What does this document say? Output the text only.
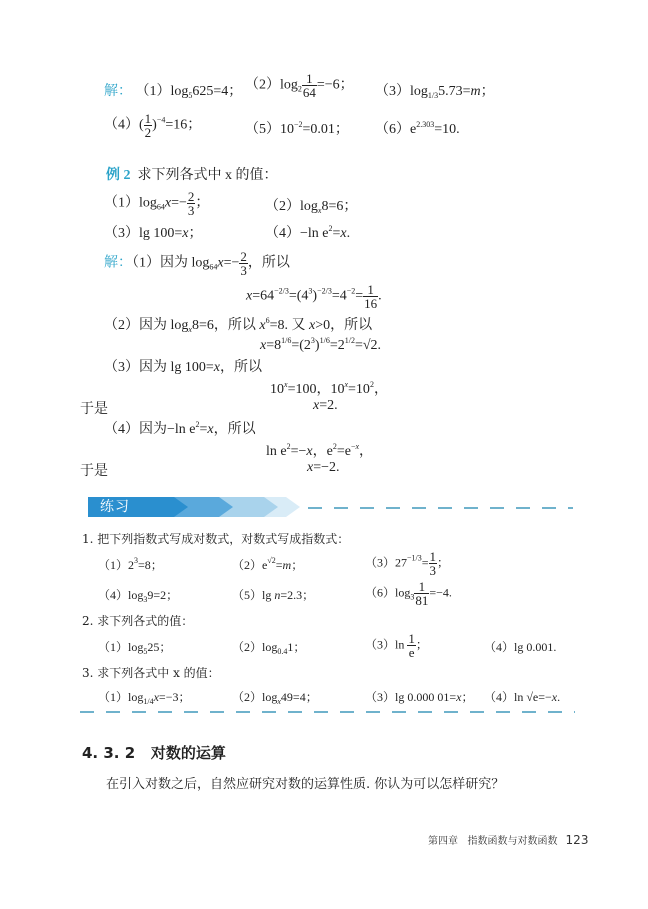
解： $(1)\log_5625=4$； $(2)\log_2 \frac{1}{64} =-6$； $(3)\log_{1/3}5.73=m$；
$(4)( \frac{1}{2} )^{-4}=16$；	$(5)10^{-2}=0.01$； $(6)e^{2.303}=10$.
例 2 求下列各式中 x 的值：
$(1)\log_{64}x=- \frac{2}{3}$ ；	$(2)\log_x8=6$；
（3）lg 100=x；	（4）−ln $e^2=x$.
解：（1）因为 $\log_{64}x=- \frac{2}{3}$ ，所以
$x=64^{-2/3}=(4^3)^{-2/3}=4^{-2}= \frac{1}{16}$ .
（2）因为 $\log_x8=6$，所以 $x^6=8$. 又 x>0，所以
$x=8^{1/6}=(2^3)^{1/6}=2^{1/2}=√2$.
（3）因为 lg 100=x，所以
$10^x=100$，$10^x=10^2$，
于是	x=2.
（4）因为−ln $e^2=x$，所以
$\ln e^2=-x$，$e^2=e^{-x}$，
于是	x=−2.
练习
1. 把下列指数式写成对数式，对数式写成指数式：
$(1)2^3=8$；	$(2)e^{√2}=m$；	$(3)27^{-1/3}= \frac{1}{3}$ ；
$(4)\log_39=2$；	（5）lg n=2.3；	$(6)\log_3 \frac{1}{81} =-4$.
2. 求下列各式的值：
$(1)\log_525$；	$(2)\log_{0.4}1$；	$(3)\ln \frac{1}{e}$ ；	（4）lg 0.001.
3. 求下列各式中 x 的值：
$(1)\log_{1/4}x=-3$；	$(2)\log_x49=4$；	（3）lg 0.000 01=x； （4）ln √e=−x.
4. 3. 2 对数的运算
在引入对数之后，自然应研究对数的运算性质. 你认为可以怎样研究？
第四章 指数函数与对数函数 123
